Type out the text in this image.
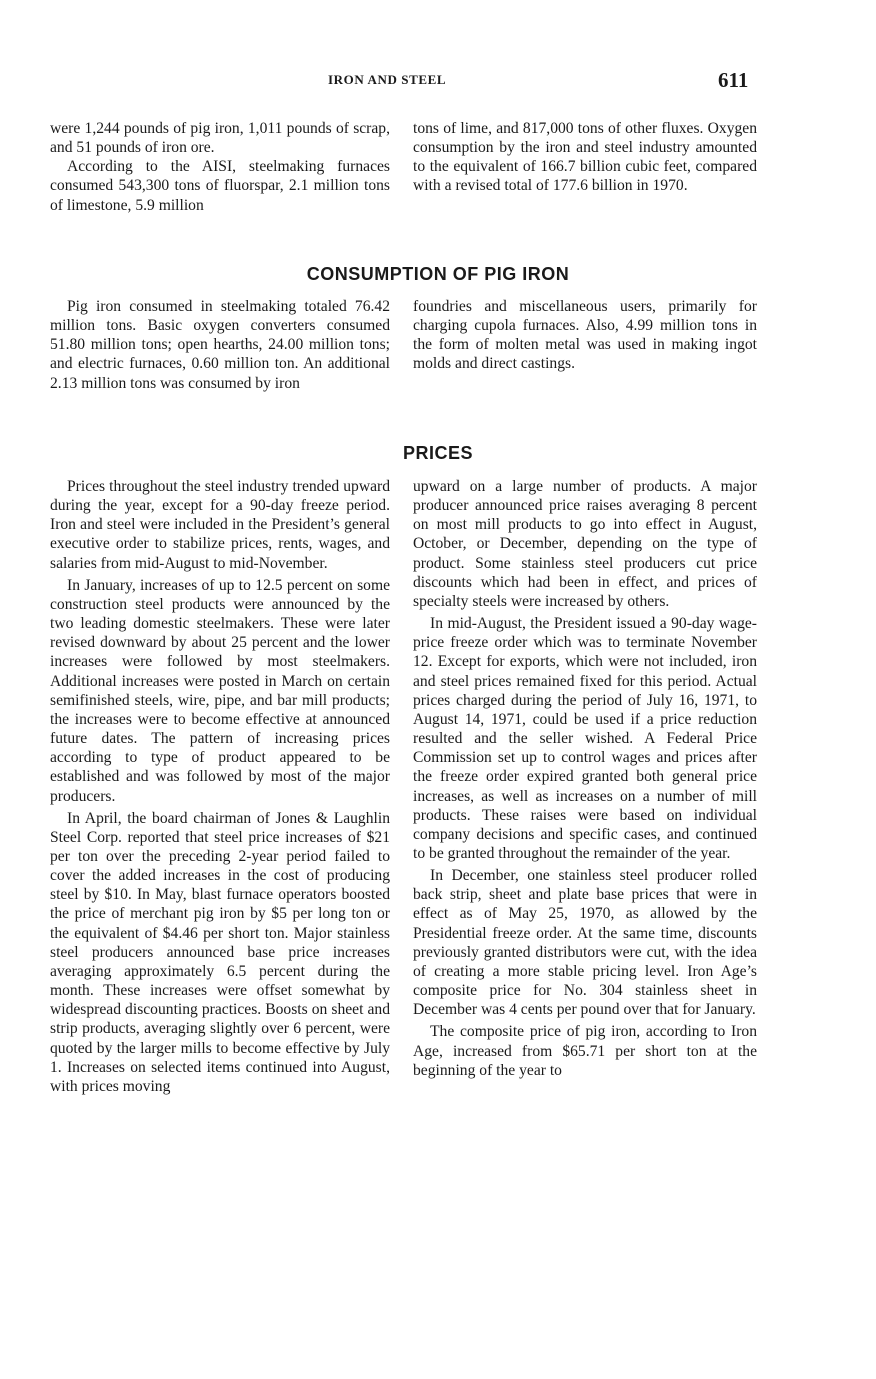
IRON AND STEEL	611

were 1,244 pounds of pig iron, 1,011 pounds of scrap, and 51 pounds of iron ore.

According to the AISI, steelmaking furnaces consumed 543,300 tons of fluorspar, 2.1 million tons of limestone, 5.9 million

tons of lime, and 817,000 tons of other fluxes. Oxygen consumption by the iron and steel industry amounted to the equivalent of 166.7 billion cubic feet, compared with a revised total of 177.6 billion in 1970.

CONSUMPTION OF PIG IRON

Pig iron consumed in steelmaking totaled 76.42 million tons. Basic oxygen converters consumed 51.80 million tons; open hearths, 24.00 million tons; and electric furnaces, 0.60 million ton. An additional 2.13 million tons was consumed by iron

foundries and miscellaneous users, primarily for charging cupola furnaces. Also, 4.99 million tons in the form of molten metal was used in making ingot molds and direct castings.

PRICES

Prices throughout the steel industry trended upward during the year, except for a 90-day freeze period. Iron and steel were included in the President’s general executive order to stabilize prices, rents, wages, and salaries from mid-August to mid-November.

In January, increases of up to 12.5 percent on some construction steel products were announced by the two leading domestic steelmakers. These were later revised downward by about 25 percent and the lower increases were followed by most steelmakers. Additional increases were posted in March on certain semifinished steels, wire, pipe, and bar mill products; the increases were to become effective at announced future dates. The pattern of increasing prices according to type of product appeared to be established and was followed by most of the major producers.

In April, the board chairman of Jones & Laughlin Steel Corp. reported that steel price increases of $21 per ton over the preceding 2-year period failed to cover the added increases in the cost of producing steel by $10. In May, blast furnace operators boosted the price of merchant pig iron by $5 per long ton or the equivalent of $4.46 per short ton. Major stainless steel producers announced base price increases averaging approximately 6.5 percent during the month. These increases were offset somewhat by widespread discounting practices. Boosts on sheet and strip products, averaging slightly over 6 percent, were quoted by the larger mills to become effective by July 1. Increases on selected items continued into August, with prices moving

upward on a large number of products. A major producer announced price raises averaging 8 percent on most mill products to go into effect in August, October, or December, depending on the type of product. Some stainless steel producers cut price discounts which had been in effect, and prices of specialty steels were increased by others.

In mid-August, the President issued a 90-day wage-price freeze order which was to terminate November 12. Except for exports, which were not included, iron and steel prices remained fixed for this period. Actual prices charged during the period of July 16, 1971, to August 14, 1971, could be used if a price reduction resulted and the seller wished. A Federal Price Commission set up to control wages and prices after the freeze order expired granted both general price increases, as well as increases on a number of mill products. These raises were based on individual company decisions and specific cases, and continued to be granted throughout the remainder of the year.

In December, one stainless steel producer rolled back strip, sheet and plate base prices that were in effect as of May 25, 1970, as allowed by the Presidential freeze order. At the same time, discounts previously granted distributors were cut, with the idea of creating a more stable pricing level. Iron Age’s composite price for No. 304 stainless sheet in December was 4 cents per pound over that for January.

The composite price of pig iron, according to Iron Age, increased from $65.71 per short ton at the beginning of the year to
